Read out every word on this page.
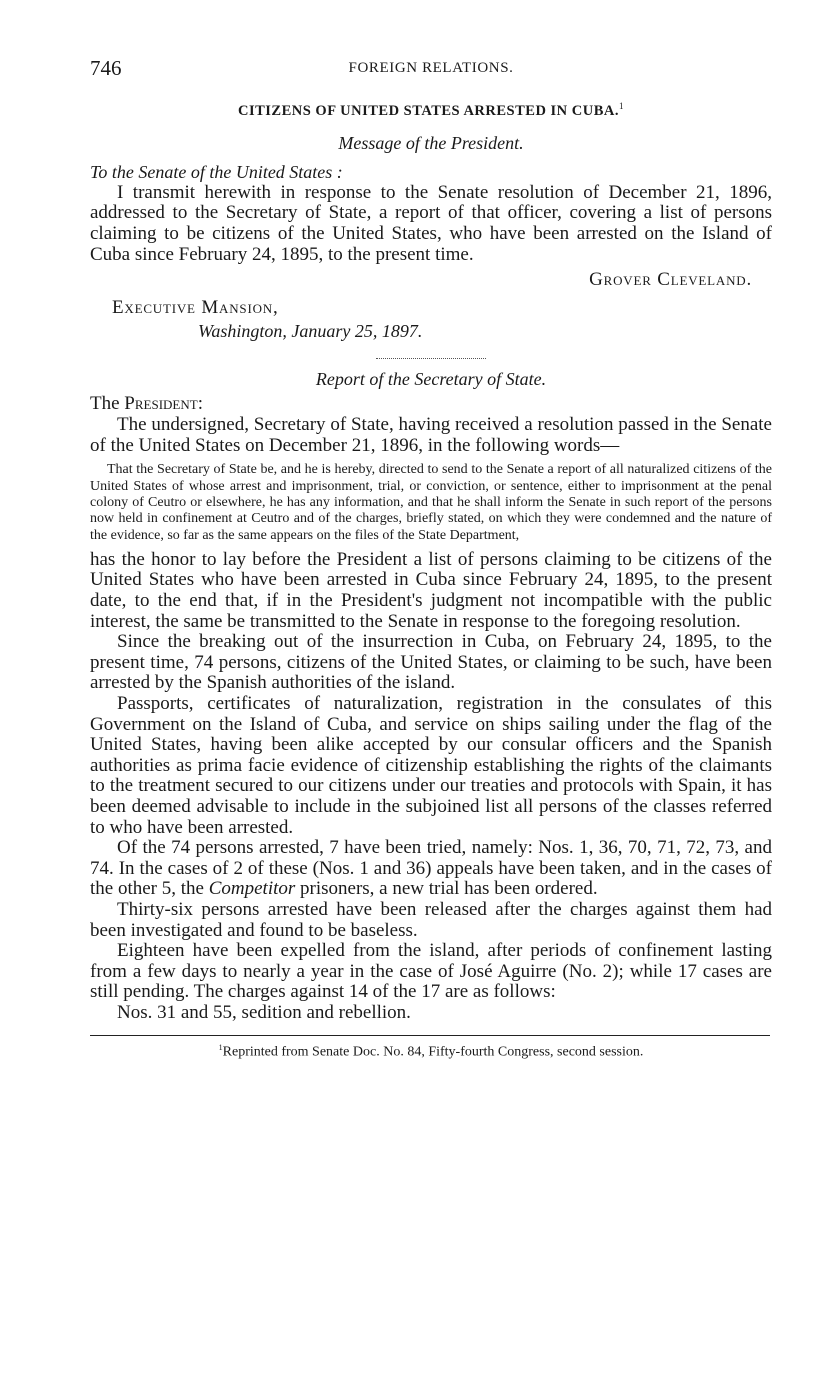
746	FOREIGN RELATIONS.
CITIZENS OF UNITED STATES ARRESTED IN CUBA.$^1$
Message of the President.
To the Senate of the United States :

I transmit herewith in response to the Senate resolution of December 21, 1896, addressed to the Secretary of State, a report of that officer, covering a list of persons claiming to be citizens of the United States, who have been arrested on the Island of Cuba since February 24, 1895, to the present time.

Grover Cleveland.
Executive Mansion,
Washington, January 25, 1897.
Report of the Secretary of State.
The President:

The undersigned, Secretary of State, having received a resolution passed in the Senate of the United States on December 21, 1896, in the following words—

That the Secretary of State be, and he is hereby, directed to send to the Senate a report of all naturalized citizens of the United States of whose arrest and imprisonment, trial, or conviction, or sentence, either to imprisonment at the penal colony of Ceutro or elsewhere, he has any information, and that he shall inform the Senate in such report of the persons now held in confinement at Ceutro and of the charges, briefly stated, on which they were condemned and the nature of the evidence, so far as the same appears on the files of the State Department,

has the honor to lay before the President a list of persons claiming to be citizens of the United States who have been arrested in Cuba since February 24, 1895, to the present date, to the end that, if in the President's judgment not incompatible with the public interest, the same be transmitted to the Senate in response to the foregoing resolution.

Since the breaking out of the insurrection in Cuba, on February 24, 1895, to the present time, 74 persons, citizens of the United States, or claiming to be such, have been arrested by the Spanish authorities of the island.

Passports, certificates of naturalization, registration in the consulates of this Government on the Island of Cuba, and service on ships sailing under the flag of the United States, having been alike accepted by our consular officers and the Spanish authorities as prima facie evidence of citizenship establishing the rights of the claimants to the treatment secured to our citizens under our treaties and protocols with Spain, it has been deemed advisable to include in the subjoined list all persons of the classes referred to who have been arrested.

Of the 74 persons arrested, 7 have been tried, namely: Nos. 1, 36, 70, 71, 72, 73, and 74. In the cases of 2 of these (Nos. 1 and 36) appeals have been taken, and in the cases of the other 5, the Competitor prisoners, a new trial has been ordered.

Thirty-six persons arrested have been released after the charges against them had been investigated and found to be baseless.

Eighteen have been expelled from the island, after periods of confinement lasting from a few days to nearly a year in the case of José Aguirre (No. 2); while 17 cases are still pending. The charges against 14 of the 17 are as follows:

Nos. 31 and 55, sedition and rebellion.

$^1$Reprinted from Senate Doc. No. 84, Fifty-fourth Congress, second session.
